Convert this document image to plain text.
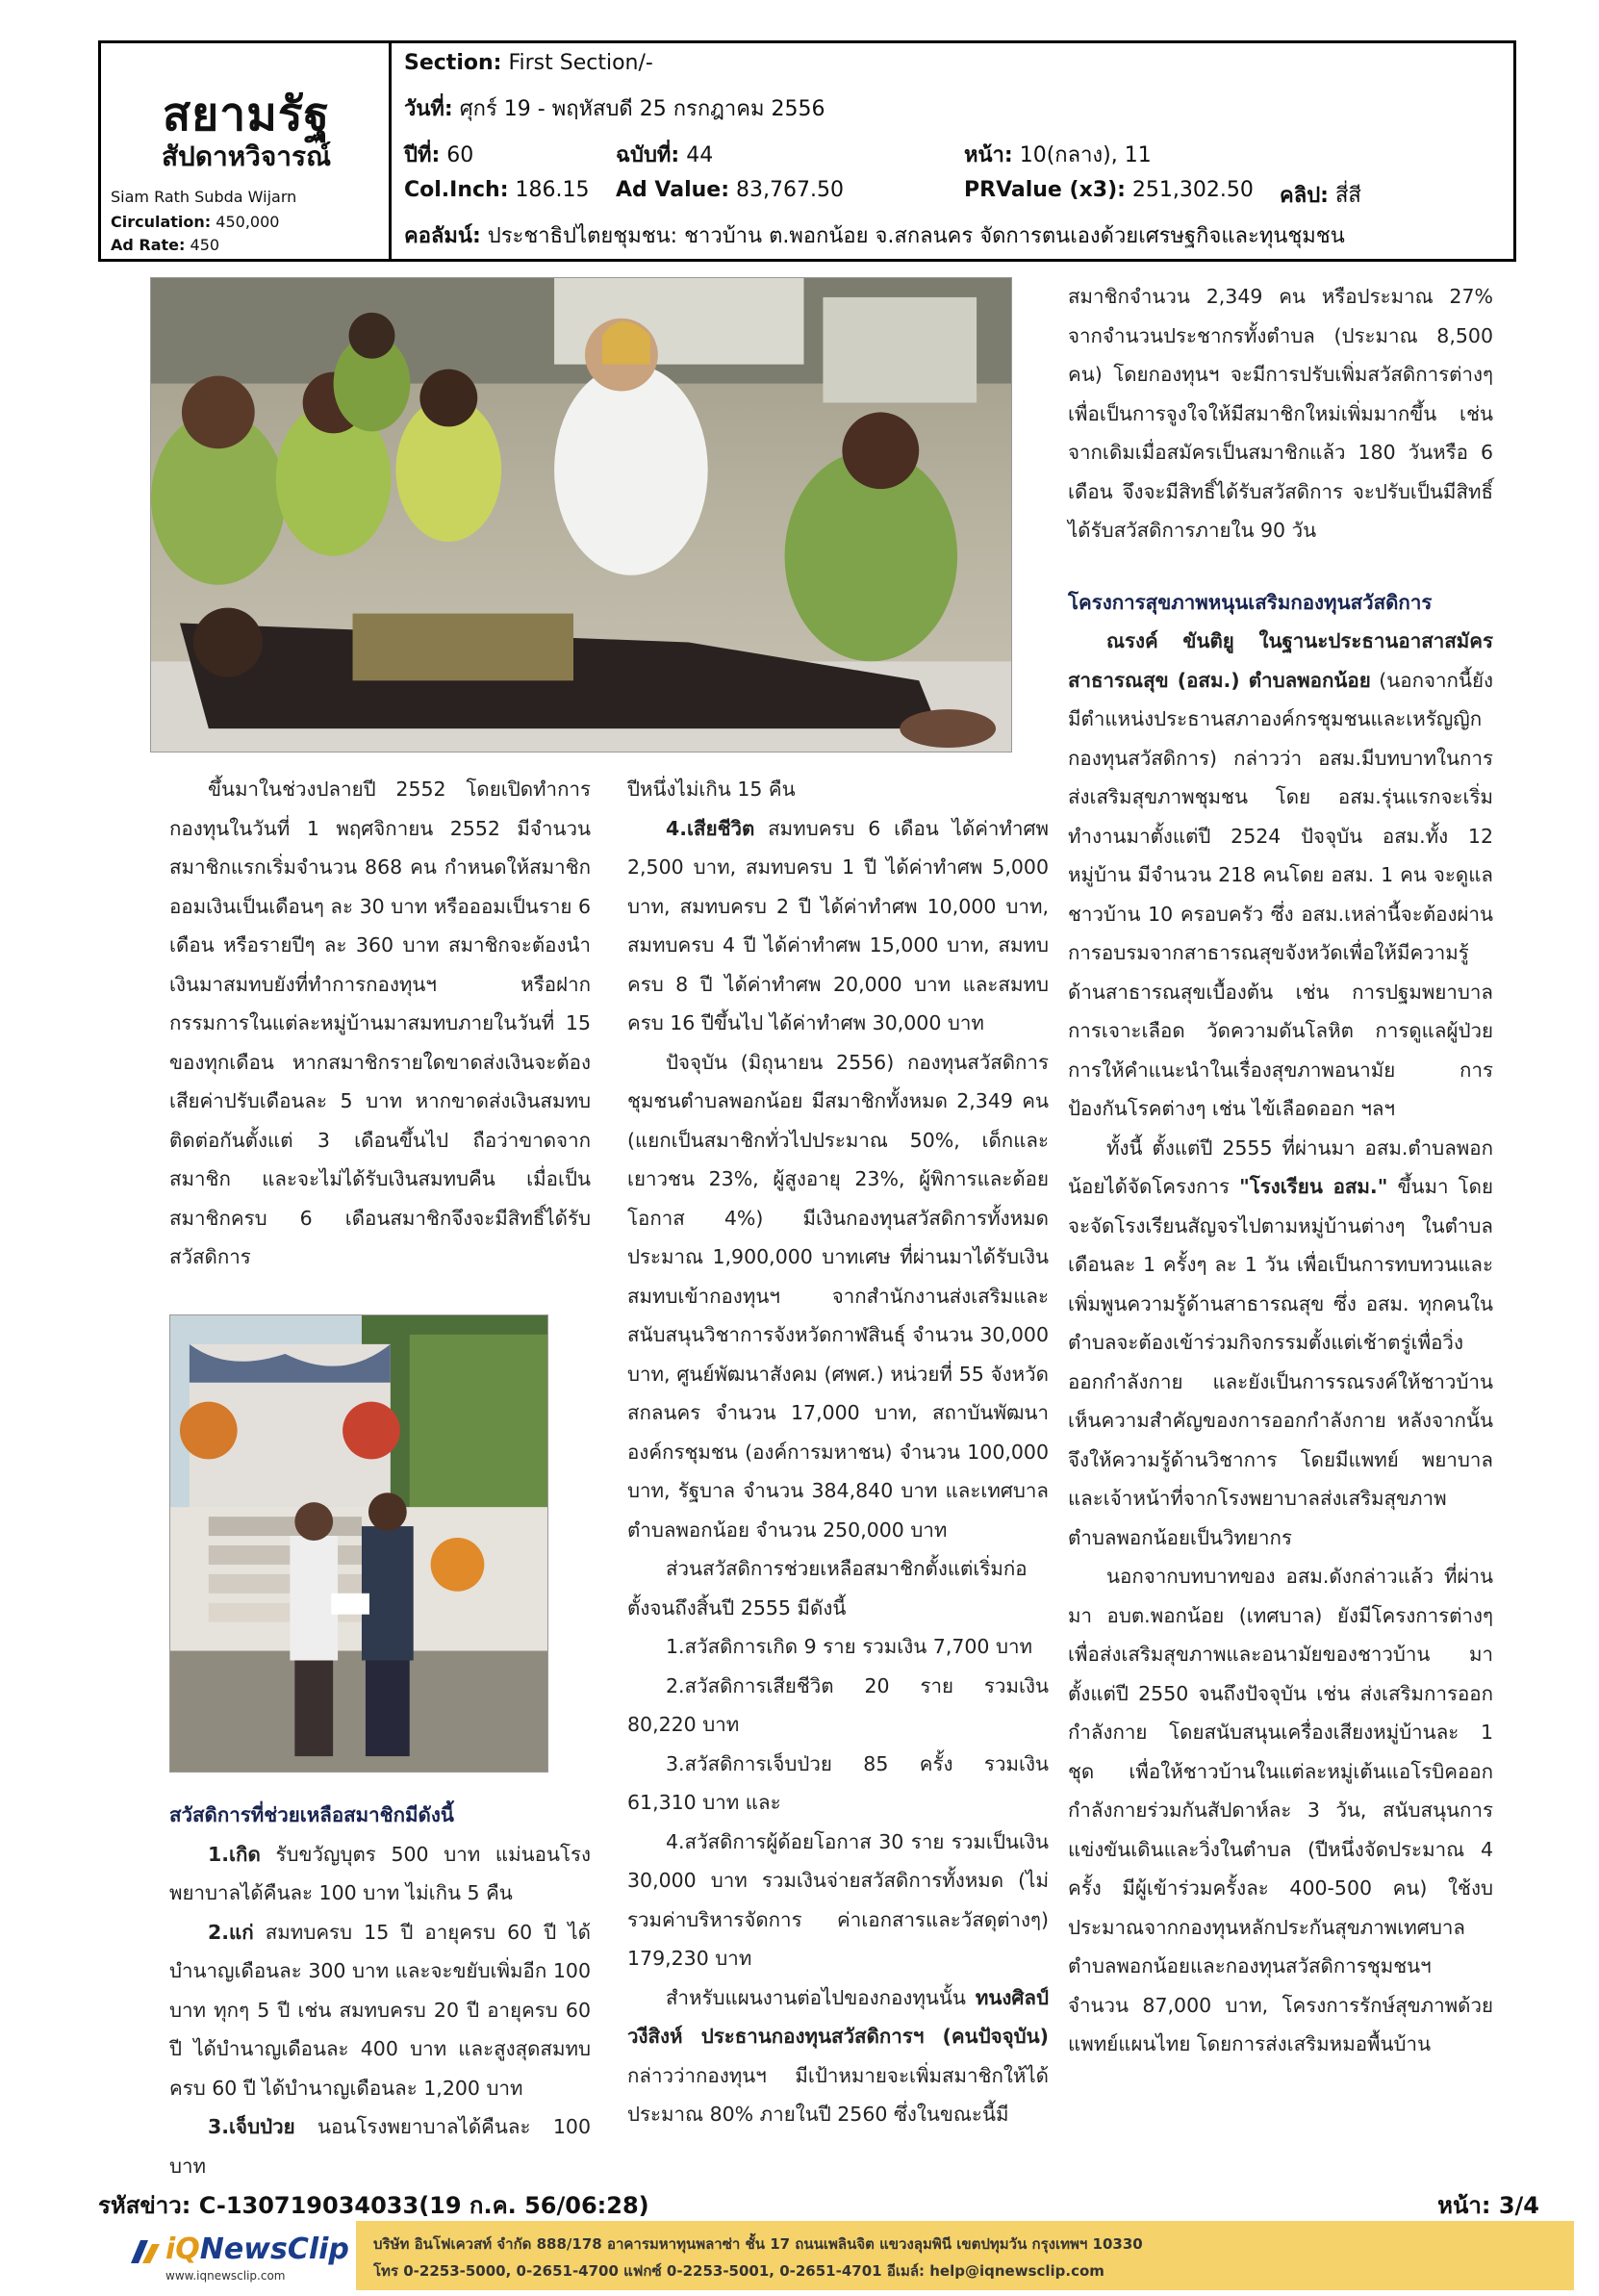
สยามรัฐ
สัปดาหวิจารณ์
Siam Rath Subda Wijarn
Circulation: 450,000
Ad Rate: 450
Section: First Section/-
วันที่: ศุกร์ 19 - พฤหัสบดี 25 กรกฎาคม 2556
ปีที่: 60	ฉบับที่: 44	หน้า: 10(กลาง), 11
Col.Inch: 186.15 Ad Value: 83,767.50	PRValue (x3): 251,302.50 คลิป: สี่สี
คอลัมน์: ประชาธิปไตยชุมชน: ชาวบ้าน ต.พอกน้อย จ.สกลนคร จัดการตนเองด้วยเศรษฐกิจและทุนชุมชน

ขึ้นมาในช่วงปลายปี 2552 โดยเปิดทำการกองทุนในวันที่ 1 พฤศจิกายน 2552 มีจำนวนสมาชิกแรกเริ่มจำนวน 868 คน กำหนดให้สมาชิกออมเงินเป็นเดือนๆ ละ 30 บาท หรือออมเป็นราย 6 เดือน หรือรายปีๆ ละ 360 บาท สมาชิกจะต้องนำเงินมาสมทบยังที่ทำการกองทุนฯ หรือฝากกรรมการในแต่ละหมู่บ้านมาสมทบภายในวันที่ 15 ของทุกเดือน หากสมาชิกรายใดขาดส่งเงินจะต้องเสียค่าปรับเดือนละ 5 บาท หากขาดส่งเงินสมทบติดต่อกันตั้งแต่ 3 เดือนขึ้นไป ถือว่าขาดจากสมาชิก และจะไม่ได้รับเงินสมทบคืน เมื่อเป็นสมาชิกครบ 6 เดือนสมาชิกจึงจะมีสิทธิ์ได้รับสวัสดิการ

สวัสดิการที่ช่วยเหลือสมาชิกมีดังนี้

1.เกิด รับขวัญบุตร 500 บาท แม่นอนโรงพยาบาลได้คืนละ 100 บาท ไม่เกิน 5 คืน

2.แก่ สมทบครบ 15 ปี อายุครบ 60 ปี ได้บำนาญเดือนละ 300 บาท และจะขยับเพิ่มอีก 100 บาท ทุกๆ 5 ปี เช่น สมทบครบ 20 ปี อายุครบ 60 ปี ได้บำนาญเดือนละ 400 บาท และสูงสุดสมทบครบ 60 ปี ได้บำนาญเดือนละ 1,200 บาท

3.เจ็บป่วย นอนโรงพยาบาลได้คืนละ 100 บาท

ปีหนึ่งไม่เกิน 15 คืน

4.เสียชีวิต สมทบครบ 6 เดือน ได้ค่าทำศพ 2,500 บาท, สมทบครบ 1 ปี ได้ค่าทำศพ 5,000 บาท, สมทบครบ 2 ปี ได้ค่าทำศพ 10,000 บาท, สมทบครบ 4 ปี ได้ค่าทำศพ 15,000 บาท, สมทบครบ 8 ปี ได้ค่าทำศพ 20,000 บาท และสมทบครบ 16 ปีขึ้นไป ได้ค่าทำศพ 30,000 บาท

ปัจจุบัน (มิถุนายน 2556) กองทุนสวัสดิการชุมชนตำบลพอกน้อย มีสมาชิกทั้งหมด 2,349 คน (แยกเป็นสมาชิกทั่วไปประมาณ 50%, เด็กและเยาวชน 23%, ผู้สูงอายุ 23%, ผู้พิการและด้อยโอกาส 4%) มีเงินกองทุนสวัสดิการทั้งหมดประมาณ 1,900,000 บาทเศษ ที่ผ่านมาได้รับเงินสมทบเข้ากองทุนฯ จากสำนักงานส่งเสริมและสนับสนุนวิชาการจังหวัดกาฬสินธุ์ จำนวน 30,000 บาท, ศูนย์พัฒนาสังคม (ศพศ.) หน่วยที่ 55 จังหวัดสกลนคร จำนวน 17,000 บาท, สถาบันพัฒนาองค์กรชุมชน (องค์การมหาชน) จำนวน 100,000 บาท, รัฐบาล จำนวน 384,840 บาท และเทศบาลตำบลพอกน้อย จำนวน 250,000 บาท

ส่วนสวัสดิการช่วยเหลือสมาชิกตั้งแต่เริ่มก่อตั้งจนถึงสิ้นปี 2555 มีดังนี้

1.สวัสดิการเกิด 9 ราย รวมเงิน 7,700 บาท

2.สวัสดิการเสียชีวิต 20 ราย รวมเงิน 80,220 บาท

3.สวัสดิการเจ็บป่วย 85 ครั้ง รวมเงิน 61,310 บาท และ

4.สวัสดิการผู้ด้อยโอกาส 30 ราย รวมเป็นเงิน 30,000 บาท รวมเงินจ่ายสวัสดิการทั้งหมด (ไม่รวมค่าบริหารจัดการ ค่าเอกสารและวัสดุต่างๆ) 179,230 บาท

สำหรับแผนงานต่อไปของกองทุนนั้น ทนงศิลป์ วงีสิงห์ ประธานกองทุนสวัสดิการฯ (คนปัจจุบัน) กล่าวว่ากองทุนฯ มีเป้าหมายจะเพิ่มสมาชิกให้ได้ประมาณ 80% ภายในปี 2560 ซึ่งในขณะนี้มี

สมาชิกจำนวน 2,349 คน หรือประมาณ 27% จากจำนวนประชากรทั้งตำบล (ประมาณ 8,500 คน) โดยกองทุนฯ จะมีการปรับเพิ่มสวัสดิการต่างๆ เพื่อเป็นการจูงใจให้มีสมาชิกใหม่เพิ่มมากขึ้น เช่น จากเดิมเมื่อสมัครเป็นสมาชิกแล้ว 180 วันหรือ 6 เดือน จึงจะมีสิทธิ์ได้รับสวัสดิการ จะปรับเป็นมีสิทธิ์ได้รับสวัสดิการภายใน 90 วัน

โครงการสุขภาพหนุนเสริมกองทุนสวัสดิการ

ณรงค์ ขันติยู ในฐานะประธานอาสาสมัครสาธารณสุข (อสม.) ตำบลพอกน้อย (นอกจากนี้ยังมีตำแหน่งประธานสภาองค์กรชุมชนและเหรัญญิกกองทุนสวัสดิการ) กล่าวว่า อสม.มีบทบาทในการส่งเสริมสุขภาพชุมชน โดย อสม.รุ่นแรกจะเริ่มทำงานมาตั้งแต่ปี 2524 ปัจจุบัน อสม.ทั้ง 12 หมู่บ้าน มีจำนวน 218 คนโดย อสม. 1 คน จะดูแลชาวบ้าน 10 ครอบครัว ซึ่ง อสม.เหล่านี้จะต้องผ่านการอบรมจากสาธารณสุขจังหวัดเพื่อให้มีความรู้ด้านสาธารณสุขเบื้องต้น เช่น การปฐมพยาบาล การเจาะเลือด วัดความดันโลหิต การดูแลผู้ป่วย การให้คำแนะนำในเรื่องสุขภาพอนามัย การป้องกันโรคต่างๆ เช่น ไข้เลือดออก ฯลฯ

ทั้งนี้ ตั้งแต่ปี 2555 ที่ผ่านมา อสม.ตำบลพอกน้อยได้จัดโครงการ "โรงเรียน อสม." ขึ้นมา โดยจะจัดโรงเรียนสัญจรไปตามหมู่บ้านต่างๆ ในตำบล เดือนละ 1 ครั้งๆ ละ 1 วัน เพื่อเป็นการทบทวนและเพิ่มพูนความรู้ด้านสาธารณสุข ซึ่ง อสม. ทุกคนในตำบลจะต้องเข้าร่วมกิจกรรมตั้งแต่เช้าตรู่เพื่อวิ่งออกกำลังกาย และยังเป็นการรณรงค์ให้ชาวบ้านเห็นความสำคัญของการออกกำลังกาย หลังจากนั้นจึงให้ความรู้ด้านวิชาการ โดยมีแพทย์ พยาบาล และเจ้าหน้าที่จากโรงพยาบาลส่งเสริมสุขภาพตำบลพอกน้อยเป็นวิทยากร

นอกจากบทบาทของ อสม.ดังกล่าวแล้ว ที่ผ่านมา อบต.พอกน้อย (เทศบาล) ยังมีโครงการต่างๆ เพื่อส่งเสริมสุขภาพและอนามัยของชาวบ้าน มาตั้งแต่ปี 2550 จนถึงปัจจุบัน เช่น ส่งเสริมการออกกำลังกาย โดยสนับสนุนเครื่องเสียงหมู่บ้านละ 1 ชุด เพื่อให้ชาวบ้านในแต่ละหมู่เต้นแอโรบิคออกกำลังกายร่วมกันสัปดาห์ละ 3 วัน, สนับสนุนการแข่งขันเดินและวิ่งในตำบล (ปีหนึ่งจัดประมาณ 4 ครั้ง มีผู้เข้าร่วมครั้งละ 400-500 คน) ใช้งบประมาณจากกองทุนหลักประกันสุขภาพเทศบาลตำบลพอกน้อยและกองทุนสวัสดิการชุมชนฯ จำนวน 87,000 บาท, โครงการรักษ์สุขภาพด้วยแพทย์แผนไทย โดยการส่งเสริมหมอพื้นบ้าน

รหัสข่าว: C-130719034033(19 ก.ค. 56/06:28)	หน้า: 3/4
iQNewsClip
www.iqnewsclip.com
บริษัท อินโฟเควสท์ จำกัด 888/178 อาคารมหาทุนพลาซ่า ชั้น 17 ถนนเพลินจิต แขวงลุมพินี เขตปทุมวัน กรุงเทพฯ 10330
โทร 0-2253-5000, 0-2651-4700 แฟกซ์ 0-2253-5001, 0-2651-4701 อีเมล์: help@iqnewsclip.com
